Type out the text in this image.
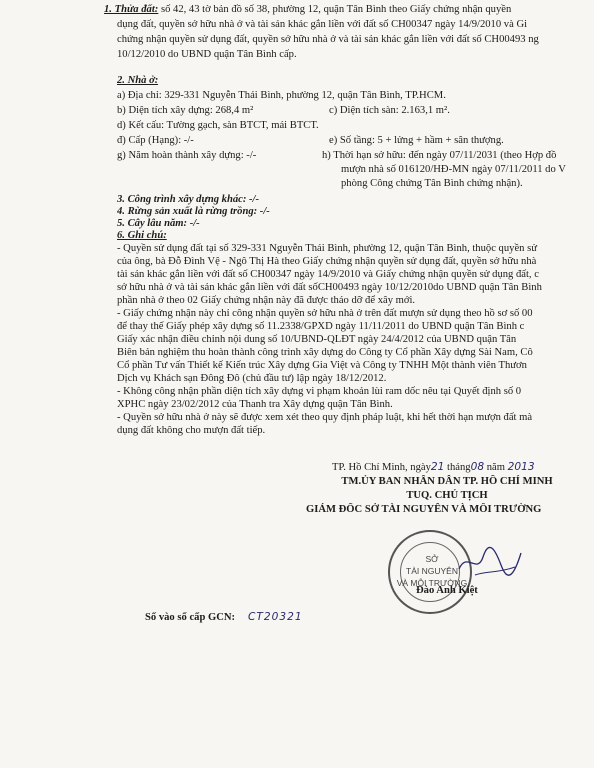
1. Thửa đất: số 42, 43 tờ bản đồ số 38, phường 12, quận Tân Bình theo Giấy chứng nhận quyền
dụng đất, quyền sở hữu nhà ở và tài sản khác gắn liền với đất số CH00347 ngày 14/9/2010 và Gi
chứng nhận quyền sử dụng đất, quyền sở hữu nhà ở và tài sản khác gắn liền với đất số CH00493 ng
10/12/2010 do UBND quận Tân Bình cấp.
2. Nhà ở:
a) Địa chỉ: 329-331 Nguyễn Thái Bình, phường 12, quận Tân Bình, TP.HCM.
b) Diện tích xây dựng: 268,4 m²	c) Diện tích sàn: 2.163,1 m².
d) Kết cấu: Tường gạch, sàn BTCT, mái BTCT.
đ) Cấp (Hạng): -/-	e) Số tầng: 5 + lửng + hầm + sân thượng.
g) Năm hoàn thành xây dựng: -/-	h) Thời hạn sở hữu: đến ngày 07/11/2031 (theo Hợp đồ
mượn nhà số 016120/HĐ-MN ngày 07/11/2011 do V
phòng Công chứng Tân Bình chứng nhận).
3. Công trình xây dựng khác: -/-
4. Rừng sản xuất là rừng trồng: -/-
5. Cây lâu năm: -/-
6. Ghi chú:
- Quyền sử dụng đất tại số 329-331 Nguyễn Thái Bình, phường 12, quận Tân Bình, thuộc quyền sử
của ông, bà Đỗ Đình Vệ - Ngô Thị Hà theo Giấy chứng nhận quyền sử dụng đất, quyền sở hữu nhà
tài sản khác gắn liền với đất số CH00347 ngày 14/9/2010 và Giấy chứng nhận quyền sử dụng đất, c
sở hữu nhà ở và tài sản khác gắn liền với đất sốCH00493 ngày 10/12/2010do UBND quận Tân Bình
phần nhà ở theo 02 Giấy chứng nhận này đã được tháo dỡ để xây mới.
- Giấy chứng nhận này chỉ công nhận quyền sở hữu nhà ở trên đất mượn sử dụng theo hồ sơ số 00
để thay thế Giấy phép xây dựng số 11.2338/GPXD ngày 11/11/2011 do UBND quận Tân Bình c
Giấy xác nhận điều chỉnh nội dung số 10/UBND-QLĐT ngày 24/4/2012 của UBND quận Tân
Biên bản nghiệm thu hoàn thành công trình xây dựng do Công ty Cổ phần Xây dựng Sài Nam, Cô
Cổ phần Tư vấn Thiết kế Kiến trúc Xây dựng Gia Việt và Công ty TNHH Một thành viên Thươn
Dịch vụ Khách sạn Đông Đô (chủ đầu tư) lập ngày 18/12/2012.
- Không công nhận phần diện tích xây dựng vi phạm khoản lùi ram dốc nêu tại Quyết định số 0
XPHC ngày 23/02/2012 của Thanh tra Xây dựng quận Tân Bình.
- Quyền sở hữu nhà ở này sẽ được xem xét theo quy định pháp luật, khi hết thời hạn mượn đất mà
dụng đất không cho mượn đất tiếp.
TP. Hồ Chí Minh, ngày21 tháng08 năm 2013
TM.ỦY BAN NHÂN DÂN TP. HỒ CHÍ MINH
TUQ. CHỦ TỊCH
GIÁM ĐỐC SỞ TÀI NGUYÊN VÀ MÔI TRƯỜNG
SỞ
TÀI NGUYÊN
VÀ MÔI TRƯỜNG
Đào Anh Kiệt
Số vào sổ cấp GCN: CT20321
